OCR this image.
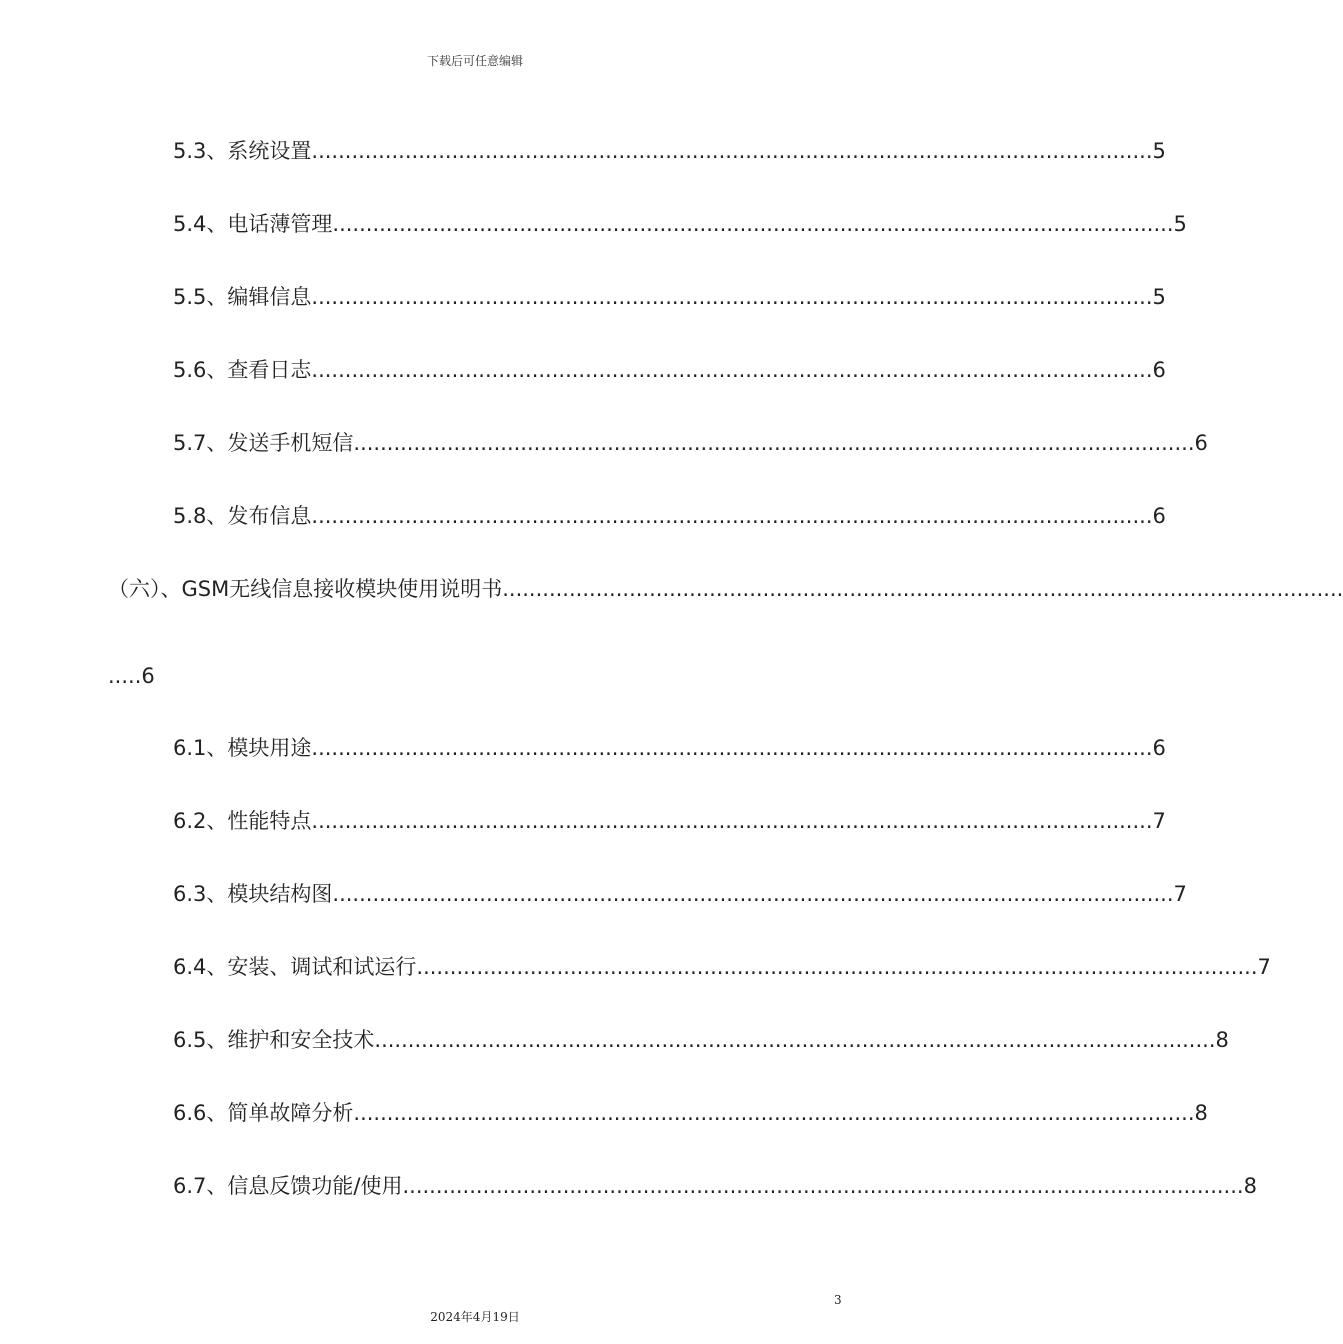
下载后可任意编辑
5.3、系统设置 .............................................................................................................................. 5
5.4、电话薄管理 .............................................................................................................................. 5
5.5、编辑信息 .............................................................................................................................. 5
5.6、查看日志 .............................................................................................................................. 6
5.7、发送手机短信 .............................................................................................................................. 6
5.8、发布信息 .............................................................................................................................. 6
（六）、GSM无线信息接收模块使用说明书 ..............................................................................................................................
.....6
6.1、模块用途 .............................................................................................................................. 6
6.2、性能特点 .............................................................................................................................. 7
6.3、模块结构图 .............................................................................................................................. 7
6.4、安装、调试和试运行 .............................................................................................................................. 7
6.5、维护和安全技术 .............................................................................................................................. 8
6.6、简单故障分析 .............................................................................................................................. 8
6.7、信息反馈功能/使用 .............................................................................................................................. 8
3
2024年4月19日
